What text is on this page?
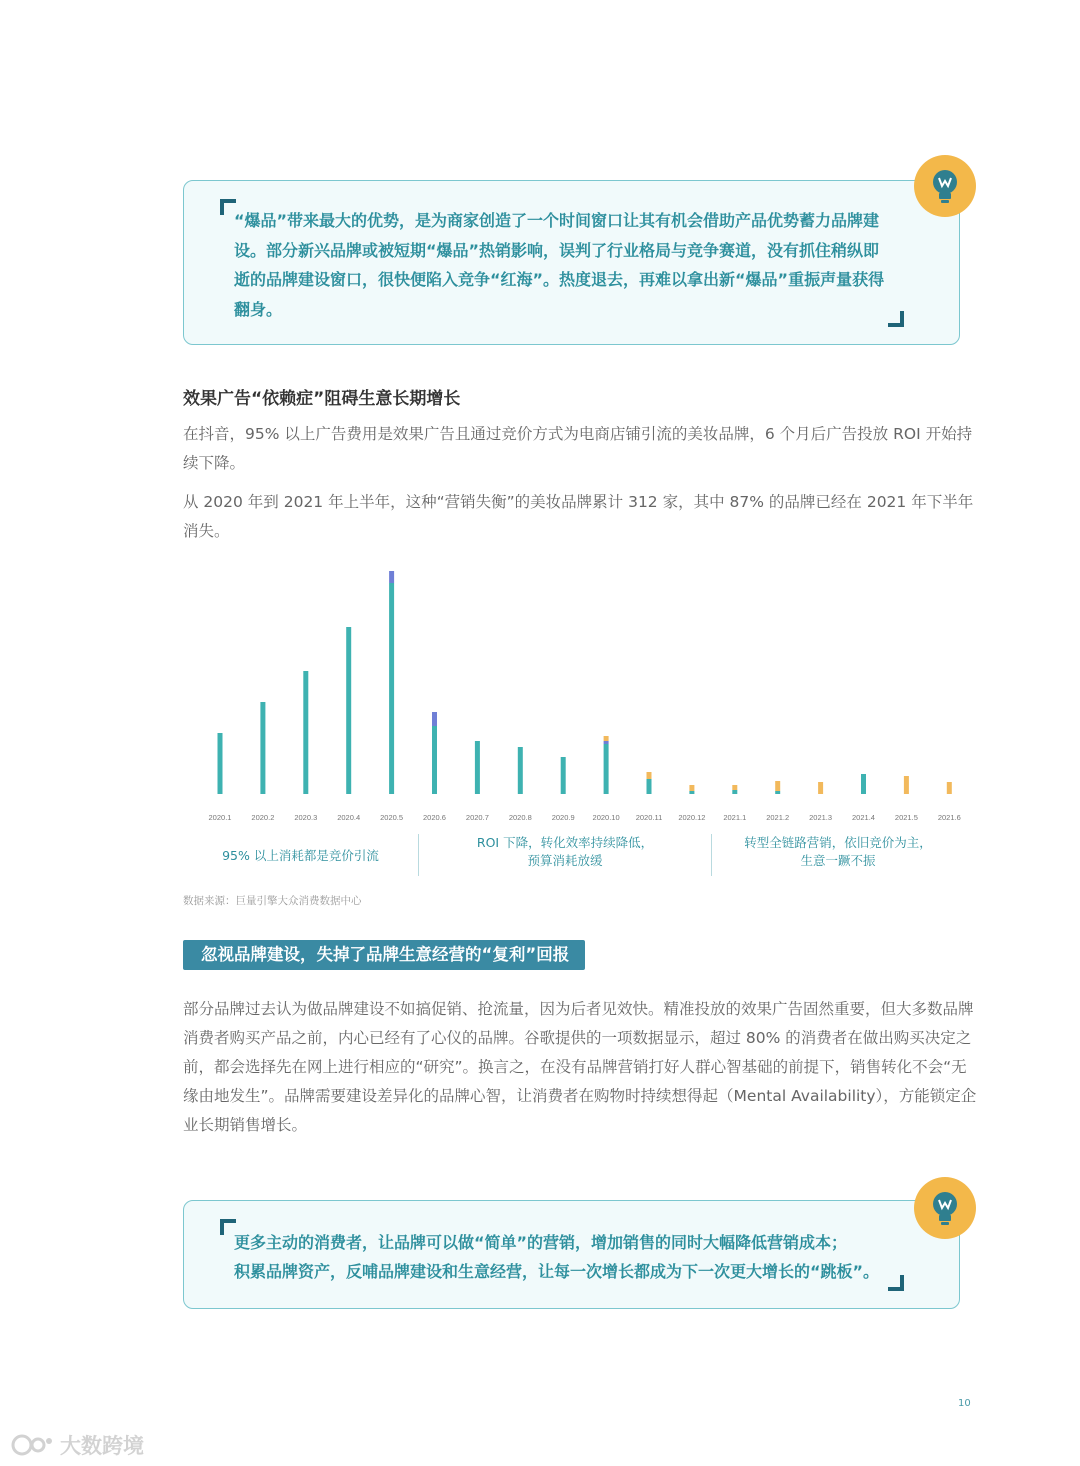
“爆品”带来最大的优势，是为商家创造了一个时间窗口让其有机会借助产品优势蓄力品牌建设。部分新兴品牌或被短期“爆品”热销影响，误判了行业格局与竞争赛道，没有抓住稍纵即逝的品牌建设窗口，很快便陷入竞争“红海”。热度退去，再难以拿出新“爆品”重振声量获得翻身。

效果广告“依赖症”阻碍生意长期增长

在抖音，95% 以上广告费用是效果广告且通过竞价方式为电商店铺引流的美妆品牌，6 个月后广告投放 ROI 开始持续下降。

从 2020 年到 2021 年上半年，这种“营销失衡”的美妆品牌累计 312 家，其中 87% 的品牌已经在 2021 年下半年消失。

2020.1	2020.2	2020.3	2020.4	2020.5	2020.6	2020.7	2020.8	2020.9 2020.10 2020.11 2020.12 2021.1	2021.2	2021.3	2021.4	2021.5	2021.6
95% 以上消耗都是竞价引流
ROI 下降，转化效率持续降低，
预算消耗放缓
转型全链路营销，依旧竞价为主，
生意一蹶不振

数据来源：巨量引擎大众消费数据中心

忽视品牌建设，失掉了品牌生意经营的“复利”回报

部分品牌过去认为做品牌建设不如搞促销、抢流量，因为后者见效快。精准投放的效果广告固然重要，但大多数品牌消费者购买产品之前，内心已经有了心仪的品牌。谷歌提供的一项数据显示，超过 80% 的消费者在做出购买决定之前，都会选择先在网上进行相应的“研究”。换言之，在没有品牌营销打好人群心智基础的前提下，销售转化不会“无缘由地发生”。品牌需要建设差异化的品牌心智，让消费者在购物时持续想得起（Mental Availability），方能锁定企业长期销售增长。

更多主动的消费者，让品牌可以做“简单”的营销，增加销售的同时大幅降低营销成本；

积累品牌资产，反哺品牌建设和生意经营，让每一次增长都成为下一次更大增长的“跳板”。

10
大数跨境
